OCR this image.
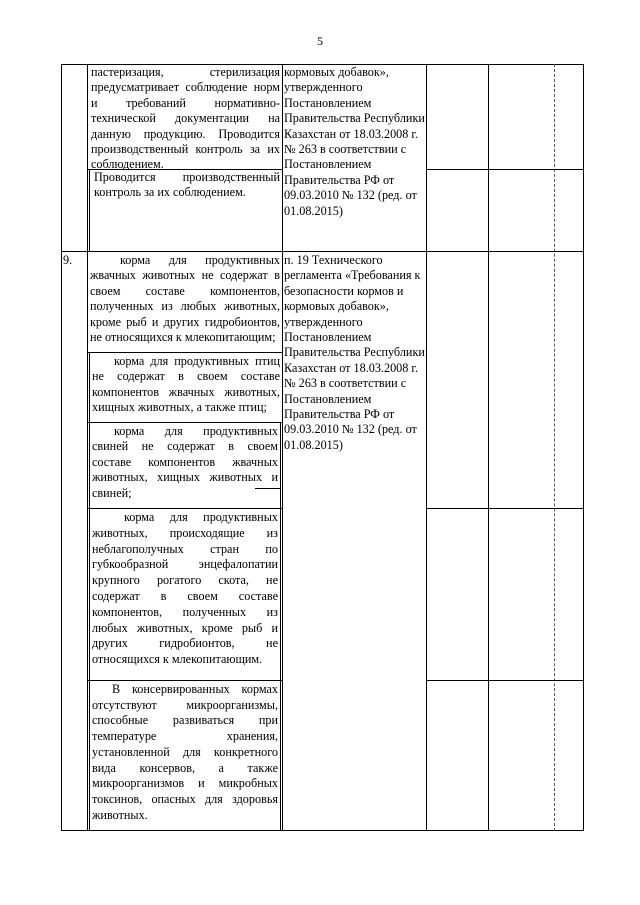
5

пастеризация, стерилизация предусматривает соблюдение норм и требований нормативно-технической документации на данную продукцию. Проводится производственный контроль за их соблюдением.

Проводится производственный контроль за их соблюдением.

кормовых добавок», утвержденного Постановлением Правительства Республики Казахстан от 18.03.2008 г. № 263 в соответствии с Постановлением Правительства РФ от 09.03.2010 № 132 (ред. от 01.08.2015)

9.	корма для продуктивных жвачных животных не содержат в своем составе компонентов, полученных из любых животных, кроме рыб и других гидробионтов, не относящихся к млекопитающим;

корма для продуктивных птиц не содержат в своем составе компонентов жвачных животных, хищных животных, а также птиц;

корма для продуктивных свиней не содержат в своем составе компонентов жвачных животных, хищных животных и свиней;

корма для продуктивных животных, происходящие из неблагополучных стран по губкообразной энцефалопатии крупного рогатого скота, не содержат в своем составе компонентов, полученных из любых животных, кроме рыб и других гидробионтов, не относящихся к млекопитающим.

В консервированных кормах отсутствуют микроорганизмы, способные развиваться при температуре хранения, установленной для конкретного вида консервов, а также микроорганизмов и микробных токсинов, опасных для здоровья животных.

п. 19 Технического регламента «Требования к безопасности кормов и кормовых добавок», утвержденного Постановлением Правительства Республики Казахстан от 18.03.2008 г. № 263 в соответствии с Постановлением Правительства РФ от 09.03.2010 № 132 (ред. от 01.08.2015)
